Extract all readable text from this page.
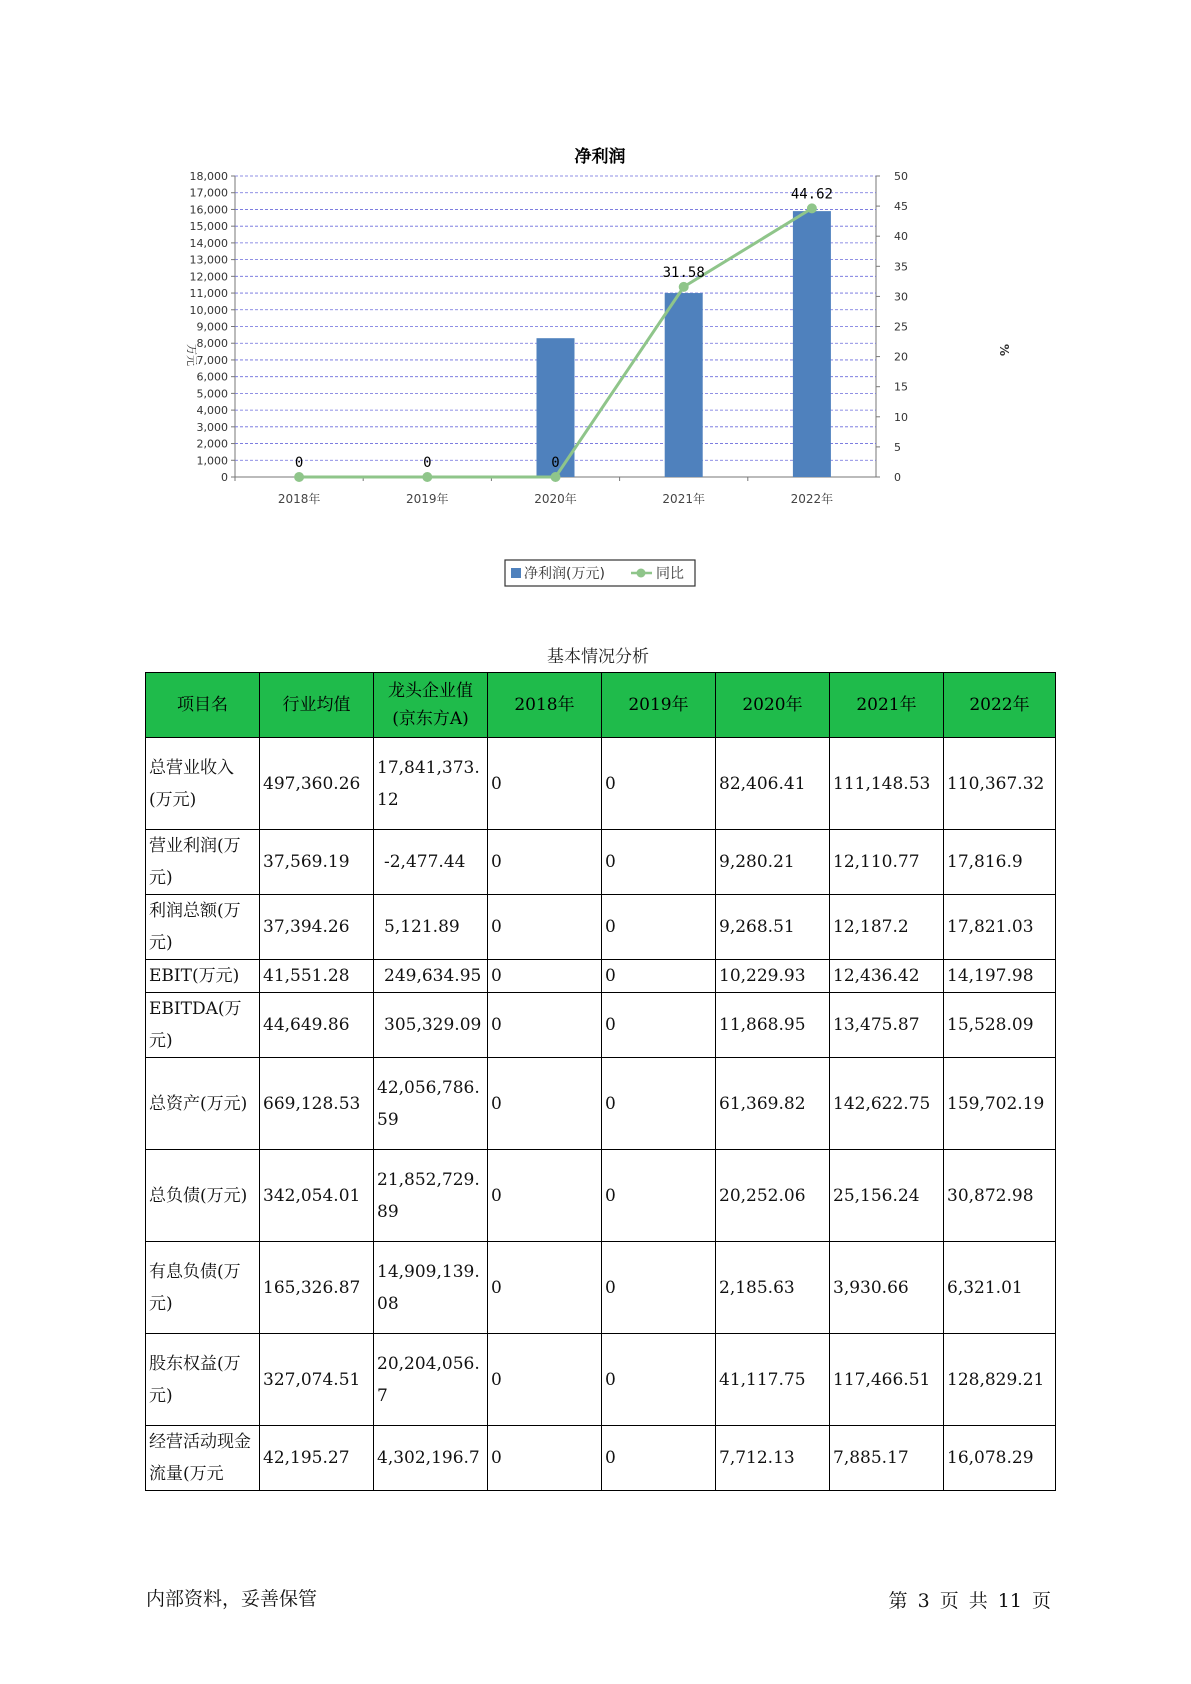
净利润
万元	%
0
1,000
2,000
3,000
4,000
5,000
6,000
7,000
8,000
9,000
10,000
11,000
12,000
13,000
14,000
15,000
16,000
17,000
18,000
0
5
10
15
20
25
30
35
40
45
50
2018年	2019年	2020年	2021年	2022年
0	0	0
31.58
44.62
净利润(万元)	同比
基本情况分析
项目名	行业均值	龙头企业值(京东方A)	2018年	2019年	2020年	2021年	2022年
总营业收入(万元)	497,360.26	17,841,373.12	0	0	82,406.41	111,148.53	110,367.32
营业利润(万元)	37,569.19	-2,477.44	0	0	9,280.21	12,110.77	17,816.9
利润总额(万元)	37,394.26	5,121.89	0	0	9,268.51	12,187.2	17,821.03
EBIT(万元)	41,551.28	249,634.95	0	0	10,229.93	12,436.42	14,197.98
EBITDA(万元)	44,649.86	305,329.09	0	0	11,868.95	13,475.87	15,528.09
总资产(万元)	669,128.53	42,056,786.59	0	0	61,369.82	142,622.75	159,702.19
总负债(万元)	342,054.01	21,852,729.89	0	0	20,252.06	25,156.24	30,872.98
有息负债(万元)	165,326.87	14,909,139.08	0	0	2,185.63	3,930.66	6,321.01
股东权益(万元)	327,074.51	20,204,056.7	0	0	41,117.75	117,466.51	128,829.21
经营活动现金流量(万元	42,195.27	4,302,196.7	0	0	7,712.13	7,885.17	16,078.29
内部资料，妥善保管	第 3 页 共 11 页
